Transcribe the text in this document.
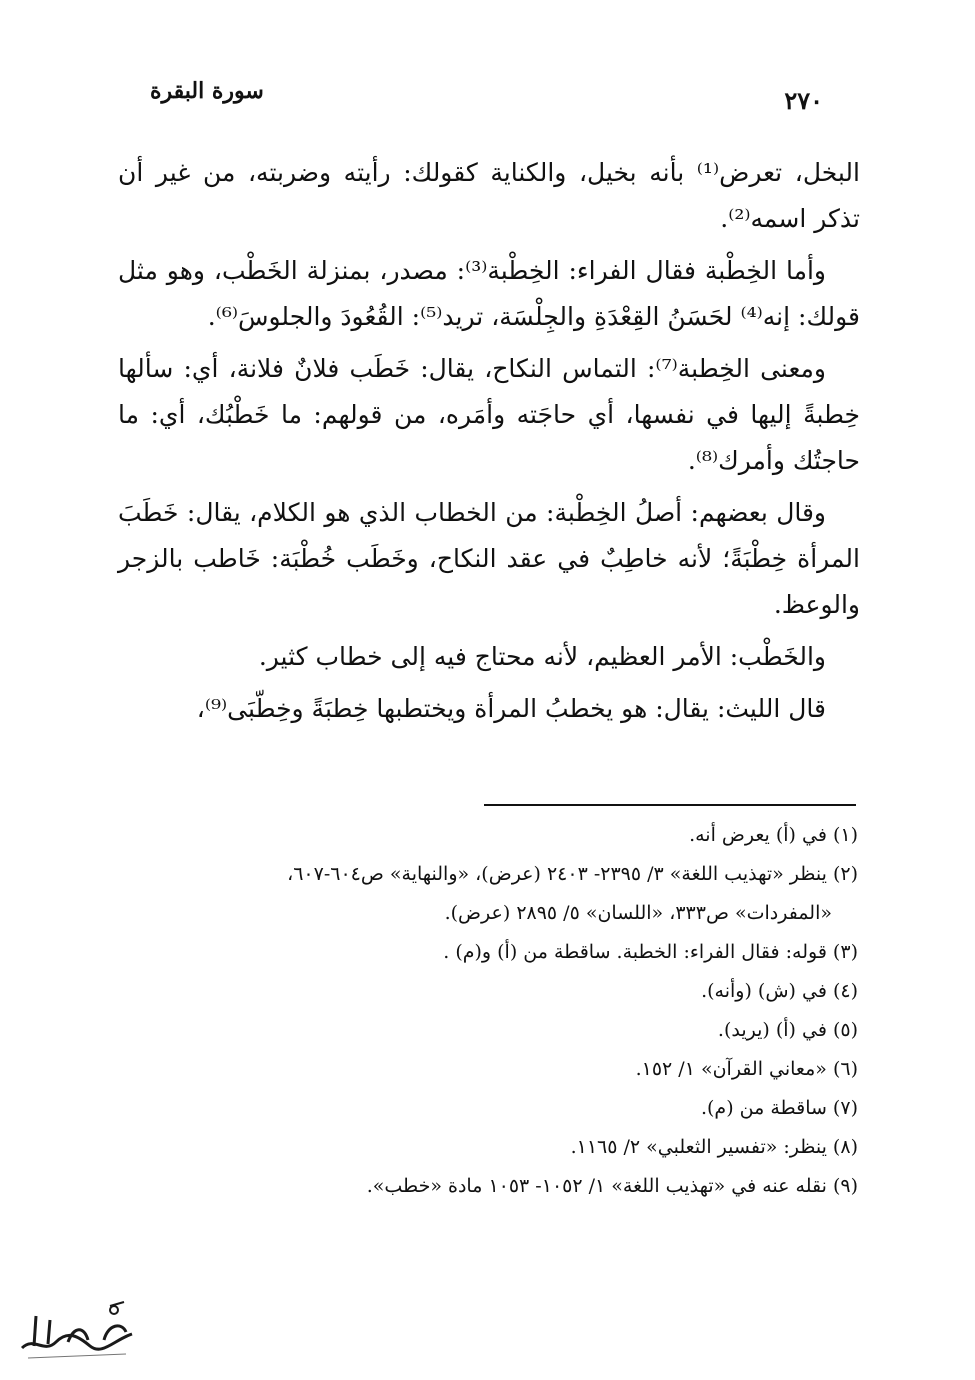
سورة البقرة	٢٧٠

البخل، تعرض⁽¹⁾ بأنه بخيل، والكناية كقولك: رأيته وضربته، من غير أن تذكر اسمه⁽²⁾.

وأما الخِطْبة فقال الفراء: الخِطْبة⁽³⁾: مصدر، بمنزلة الخَطْب، وهو مثل قولك: إنه⁽⁴⁾ لحَسَنُ القِعْدَةِ والجِلْسَة، تريد⁽⁵⁾: القُعُودَ والجلوسَ⁽⁶⁾.

ومعنى الخِطبة⁽⁷⁾: التماس النكاح، يقال: خَطَب فلانٌ فلانة، أي: سألها خِطبةً إليها في نفسها، أي حاجَته وأمَره، من قولهم: ما خَطْبُك، أي: ما حاجتُك وأمرك⁽⁸⁾.

وقال بعضهم: أصلُ الخِطْبة: من الخطاب الذي هو الكلام، يقال: خَطَبَ المرأة خِطْبَةً؛ لأنه خاطِبٌ في عقد النكاح، وخَطَب خُطْبَة: خَاطب بالزجر والوعظ.

والخَطْب: الأمر العظيم، لأنه محتاج فيه إلى خطاب كثير.

قال الليث: يقال: هو يخطبُ المرأة ويختطبها خِطبَةً وخِطّبَى⁽⁹⁾،

(١) في (أ) يعرض أنه.

(٢) ينظر «تهذيب اللغة» ٣/ ٢٣٩٥- ٢٤٠٣ (عرض)، «والنهاية» ص٦٠٤-٦٠٧،

«المفردات» ص٣٣٣، «اللسان» ٥/ ٢٨٩٥ (عرض).

(٣) قوله: فقال الفراء: الخطبة. ساقطة من (أ) و(م) .

(٤) في (ش) (وأنه).

(٥) في (أ) (يريد).

(٦) «معاني القرآن» ١/ ١٥٢.

(٧) ساقطة من (م).

(٨) ينظر: «تفسير الثعلبي» ٢/ ١١٦٥.

(٩) نقله عنه في «تهذيب اللغة» ١/ ١٠٥٢- ١٠٥٣ مادة «خطب».
